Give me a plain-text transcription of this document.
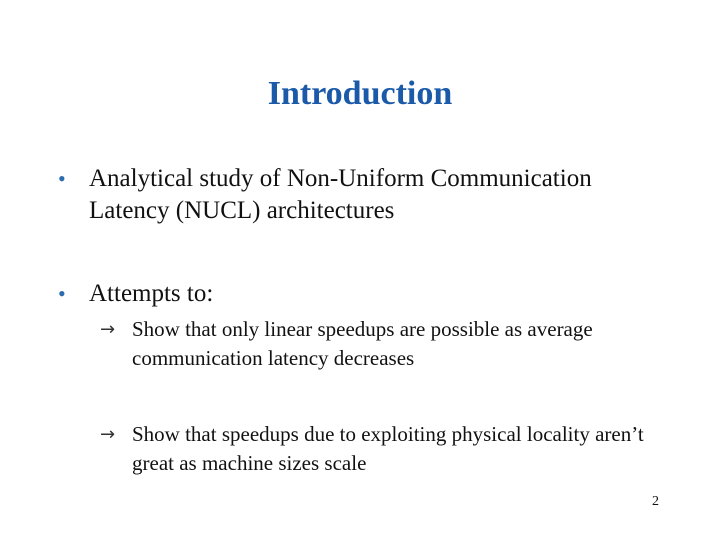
Introduction
• Analytical study of Non-Uniform Communication Latency (NUCL) architectures
• Attempts to:
→ Show that only linear speedups are possible as average communication latency decreases
→ Show that speedups due to exploiting physical locality aren’t great as machine sizes scale
2
